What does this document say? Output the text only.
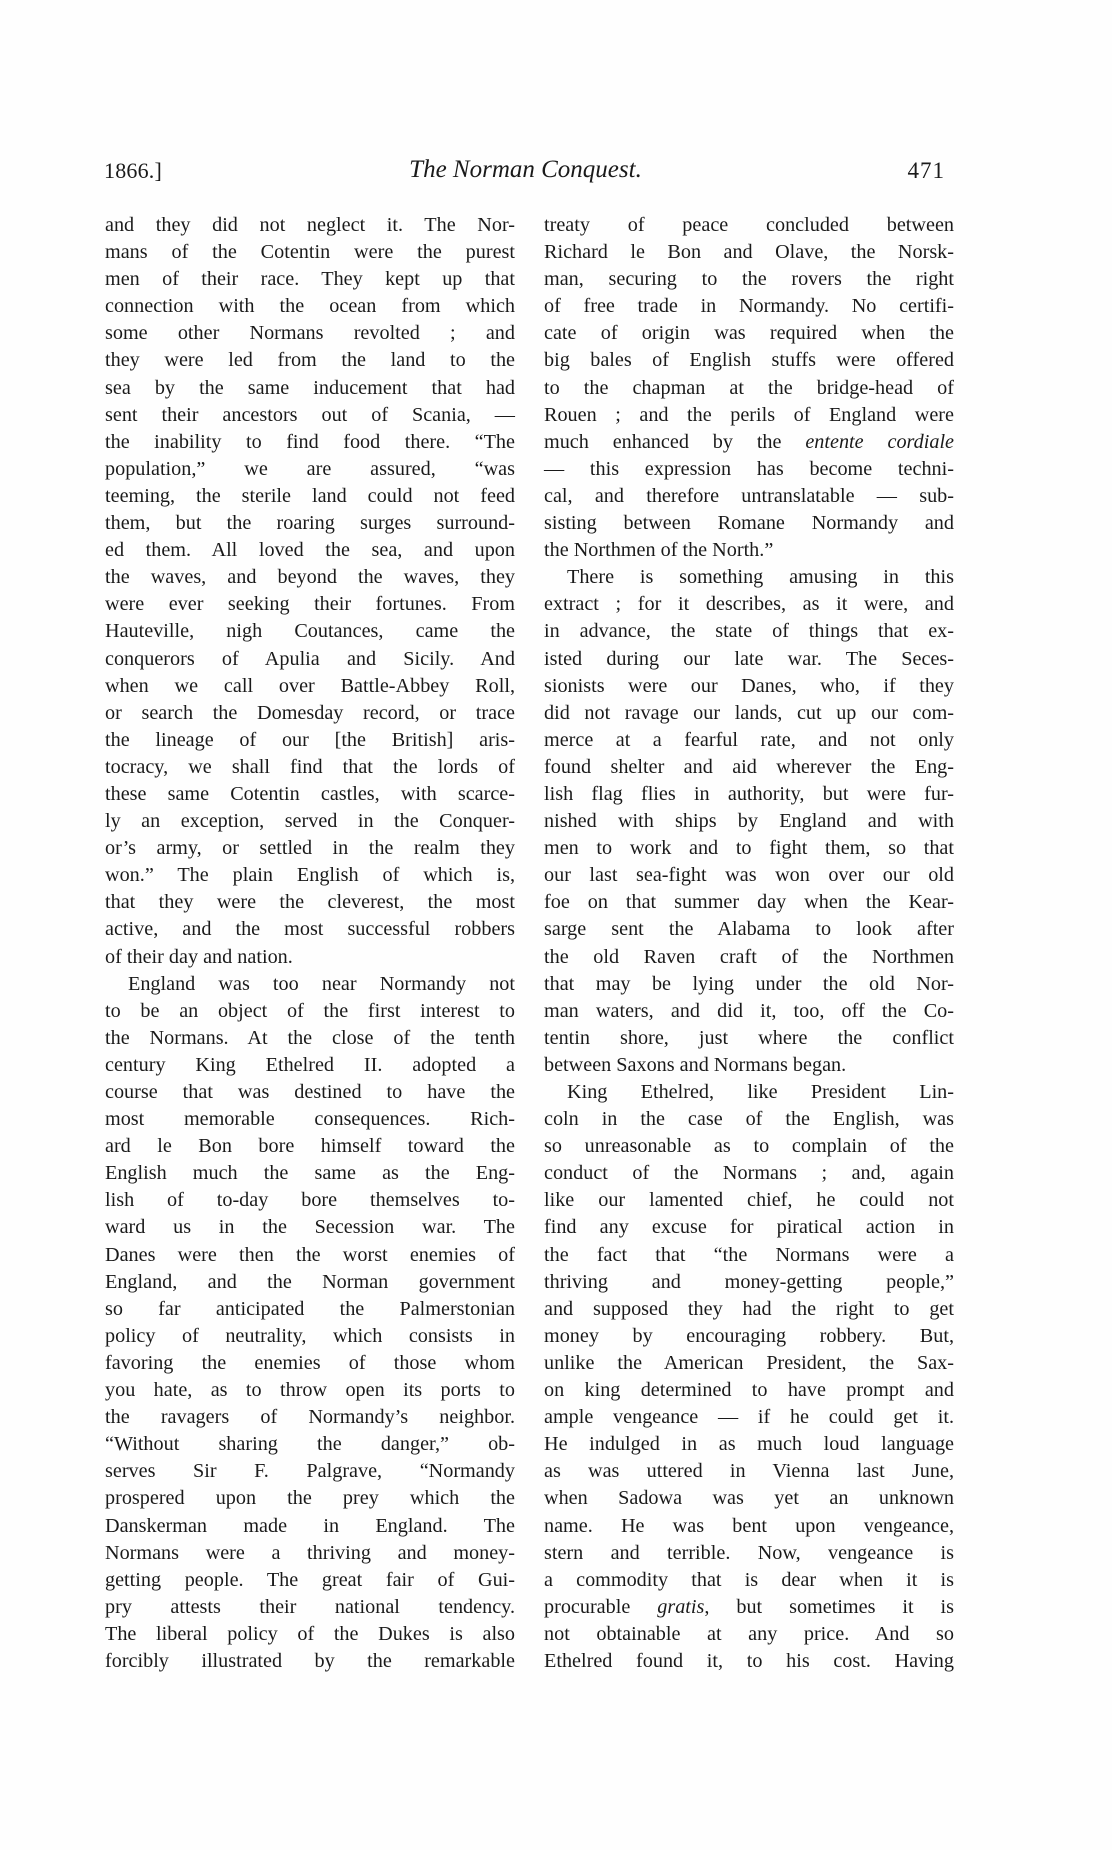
1866.]	The Norman Conquest.	471
and they did not neglect it. The Nor-
mans of the Cotentin were the purest
men of their race. They kept up that
connection with the ocean from which
some other Normans revolted ; and
they were led from the land to the
sea by the same inducement that had
sent their ancestors out of Scania, —
the inability to find food there. “The
population,” we are assured, “was
teeming, the sterile land could not feed
them, but the roaring surges surround-
ed them. All loved the sea, and upon
the waves, and beyond the waves, they
were ever seeking their fortunes. From
Hauteville, nigh Coutances, came the
conquerors of Apulia and Sicily. And
when we call over Battle-Abbey Roll,
or search the Domesday record, or trace
the lineage of our [the British] aris-
tocracy, we shall find that the lords of
these same Cotentin castles, with scarce-
ly an exception, served in the Conquer-
or’s army, or settled in the realm they
won.” The plain English of which is,
that they were the cleverest, the most
active, and the most successful robbers
of their day and nation.
England was too near Normandy not
to be an object of the first interest to
the Normans. At the close of the tenth
century King Ethelred II. adopted a
course that was destined to have the
most memorable consequences. Rich-
ard le Bon bore himself toward the
English much the same as the Eng-
lish of to-day bore themselves to-
ward us in the Secession war. The
Danes were then the worst enemies of
England, and the Norman government
so far anticipated the Palmerstonian
policy of neutrality, which consists in
favoring the enemies of those whom
you hate, as to throw open its ports to
the ravagers of Normandy’s neighbor.
“Without sharing the danger,” ob-
serves Sir F. Palgrave, “Normandy
prospered upon the prey which the
Danskerman made in England. The
Normans were a thriving and money-
getting people. The great fair of Gui-
pry attests their national tendency.
The liberal policy of the Dukes is also
forcibly illustrated by the remarkable
treaty of peace concluded between
Richard le Bon and Olave, the Norsk-
man, securing to the rovers the right
of free trade in Normandy. No certifi-
cate of origin was required when the
big bales of English stuffs were offered
to the chapman at the bridge-head of
Rouen ; and the perils of England were
much enhanced by the entente cordiale
— this expression has become techni-
cal, and therefore untranslatable — sub-
sisting between Romane Normandy and
the Northmen of the North.”
There is something amusing in this
extract ; for it describes, as it were, and
in advance, the state of things that ex-
isted during our late war. The Seces-
sionists were our Danes, who, if they
did not ravage our lands, cut up our com-
merce at a fearful rate, and not only
found shelter and aid wherever the Eng-
lish flag flies in authority, but were fur-
nished with ships by England and with
men to work and to fight them, so that
our last sea-fight was won over our old
foe on that summer day when the Kear-
sarge sent the Alabama to look after
the old Raven craft of the Northmen
that may be lying under the old Nor-
man waters, and did it, too, off the Co-
tentin shore, just where the conflict
between Saxons and Normans began.
King Ethelred, like President Lin-
coln in the case of the English, was
so unreasonable as to complain of the
conduct of the Normans ; and, again
like our lamented chief, he could not
find any excuse for piratical action in
the fact that “the Normans were a
thriving and money-getting people,”
and supposed they had the right to get
money by encouraging robbery. But,
unlike the American President, the Sax-
on king determined to have prompt and
ample vengeance — if he could get it.
He indulged in as much loud language
as was uttered in Vienna last June,
when Sadowa was yet an unknown
name. He was bent upon vengeance,
stern and terrible. Now, vengeance is
a commodity that is dear when it is
procurable gratis, but sometimes it is
not obtainable at any price. And so
Ethelred found it, to his cost. Having
